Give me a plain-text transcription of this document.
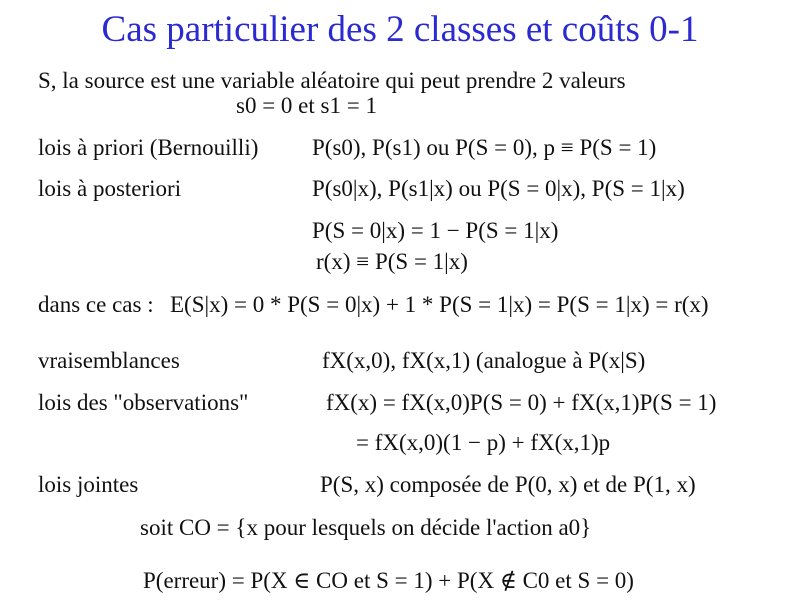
Cas particulier des 2 classes et coûts 0-1
S, la source est une variable aléatoire qui peut prendre 2 valeurs
s0 = 0 et s1 = 1
lois à priori (Bernouilli) P(s0), P(s1) ou P(S = 0), p ≡ P(S = 1)
lois à posteriori	P(s0|x), P(s1|x) ou P(S = 0|x), P(S = 1|x)
P(S = 0|x) = 1 − P(S = 1|x)
r(x) ≡ P(S = 1|x)
dans ce cas : E(S|x) = 0 * P(S = 0|x) + 1 * P(S = 1|x) = P(S = 1|x) = r(x)
vraisemblances	fX(x,0), fX(x,1) (analogue à P(x|S)
lois des "observations"	fX(x) = fX(x,0)P(S = 0) + fX(x,1)P(S = 1)
= fX(x,0)(1 − p) + fX(x,1)p
lois jointes	P(S, x) composée de P(0, x) et de P(1, x)
soit CO = {x pour lesquels on décide l'action a0}
P(erreur) = P(X ∈ CO et S = 1) + P(X ∉ C0 et S = 0)
